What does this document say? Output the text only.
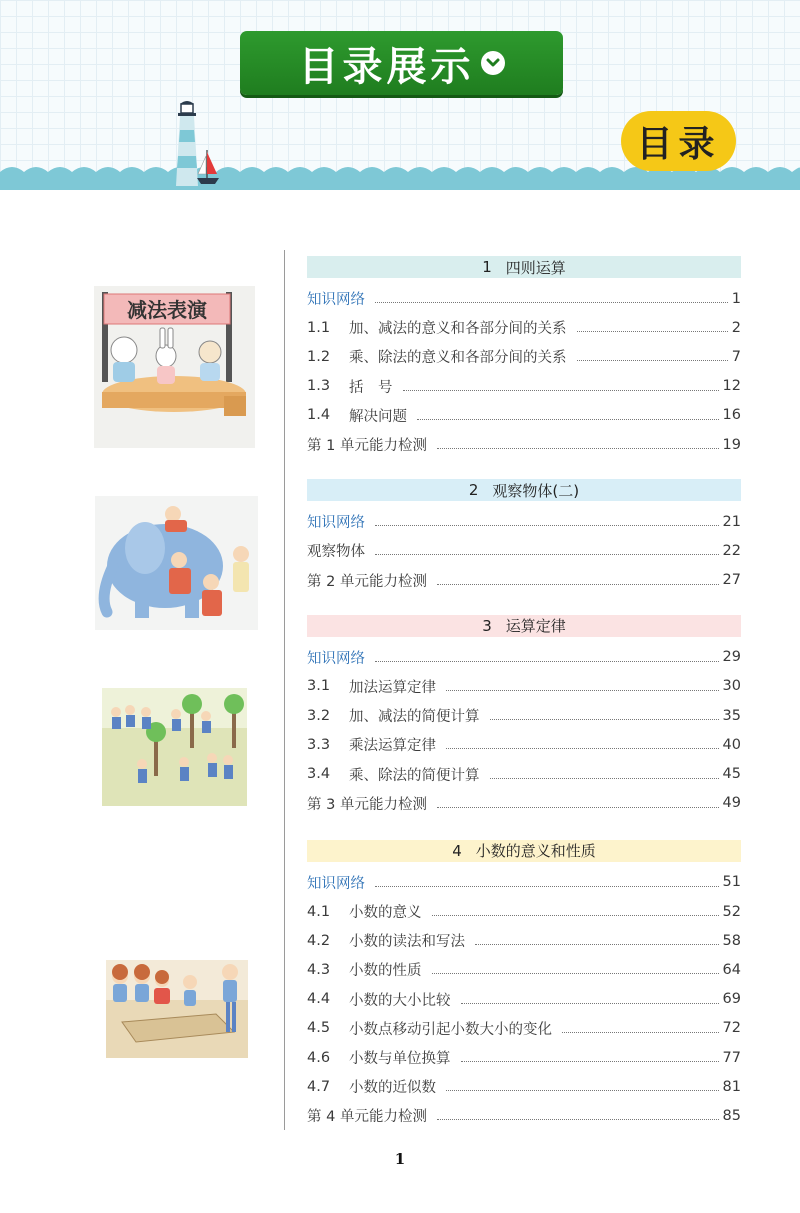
目录展示
目录
减法表演
1 四则运算
知识网络	1
1.1	加、减法的意义和各部分间的关系	2
1.2	乘、除法的意义和各部分间的关系	7
1.3	括　号	12
1.4	解决问题	16
第 1 单元能力检测	19
2 观察物体(二)
知识网络	21
观察物体	22
第 2 单元能力检测	27
3 运算定律
知识网络	29
3.1	加法运算定律	30
3.2	加、减法的简便计算	35
3.3	乘法运算定律	40
3.4	乘、除法的简便计算	45
第 3 单元能力检测	49
4 小数的意义和性质
知识网络	51
4.1	小数的意义	52
4.2	小数的读法和写法	58
4.3	小数的性质	64
4.4	小数的大小比较	69
4.5	小数点移动引起小数大小的变化	72
4.6	小数与单位换算	77
4.7	小数的近似数	81
第 4 单元能力检测	85
1
